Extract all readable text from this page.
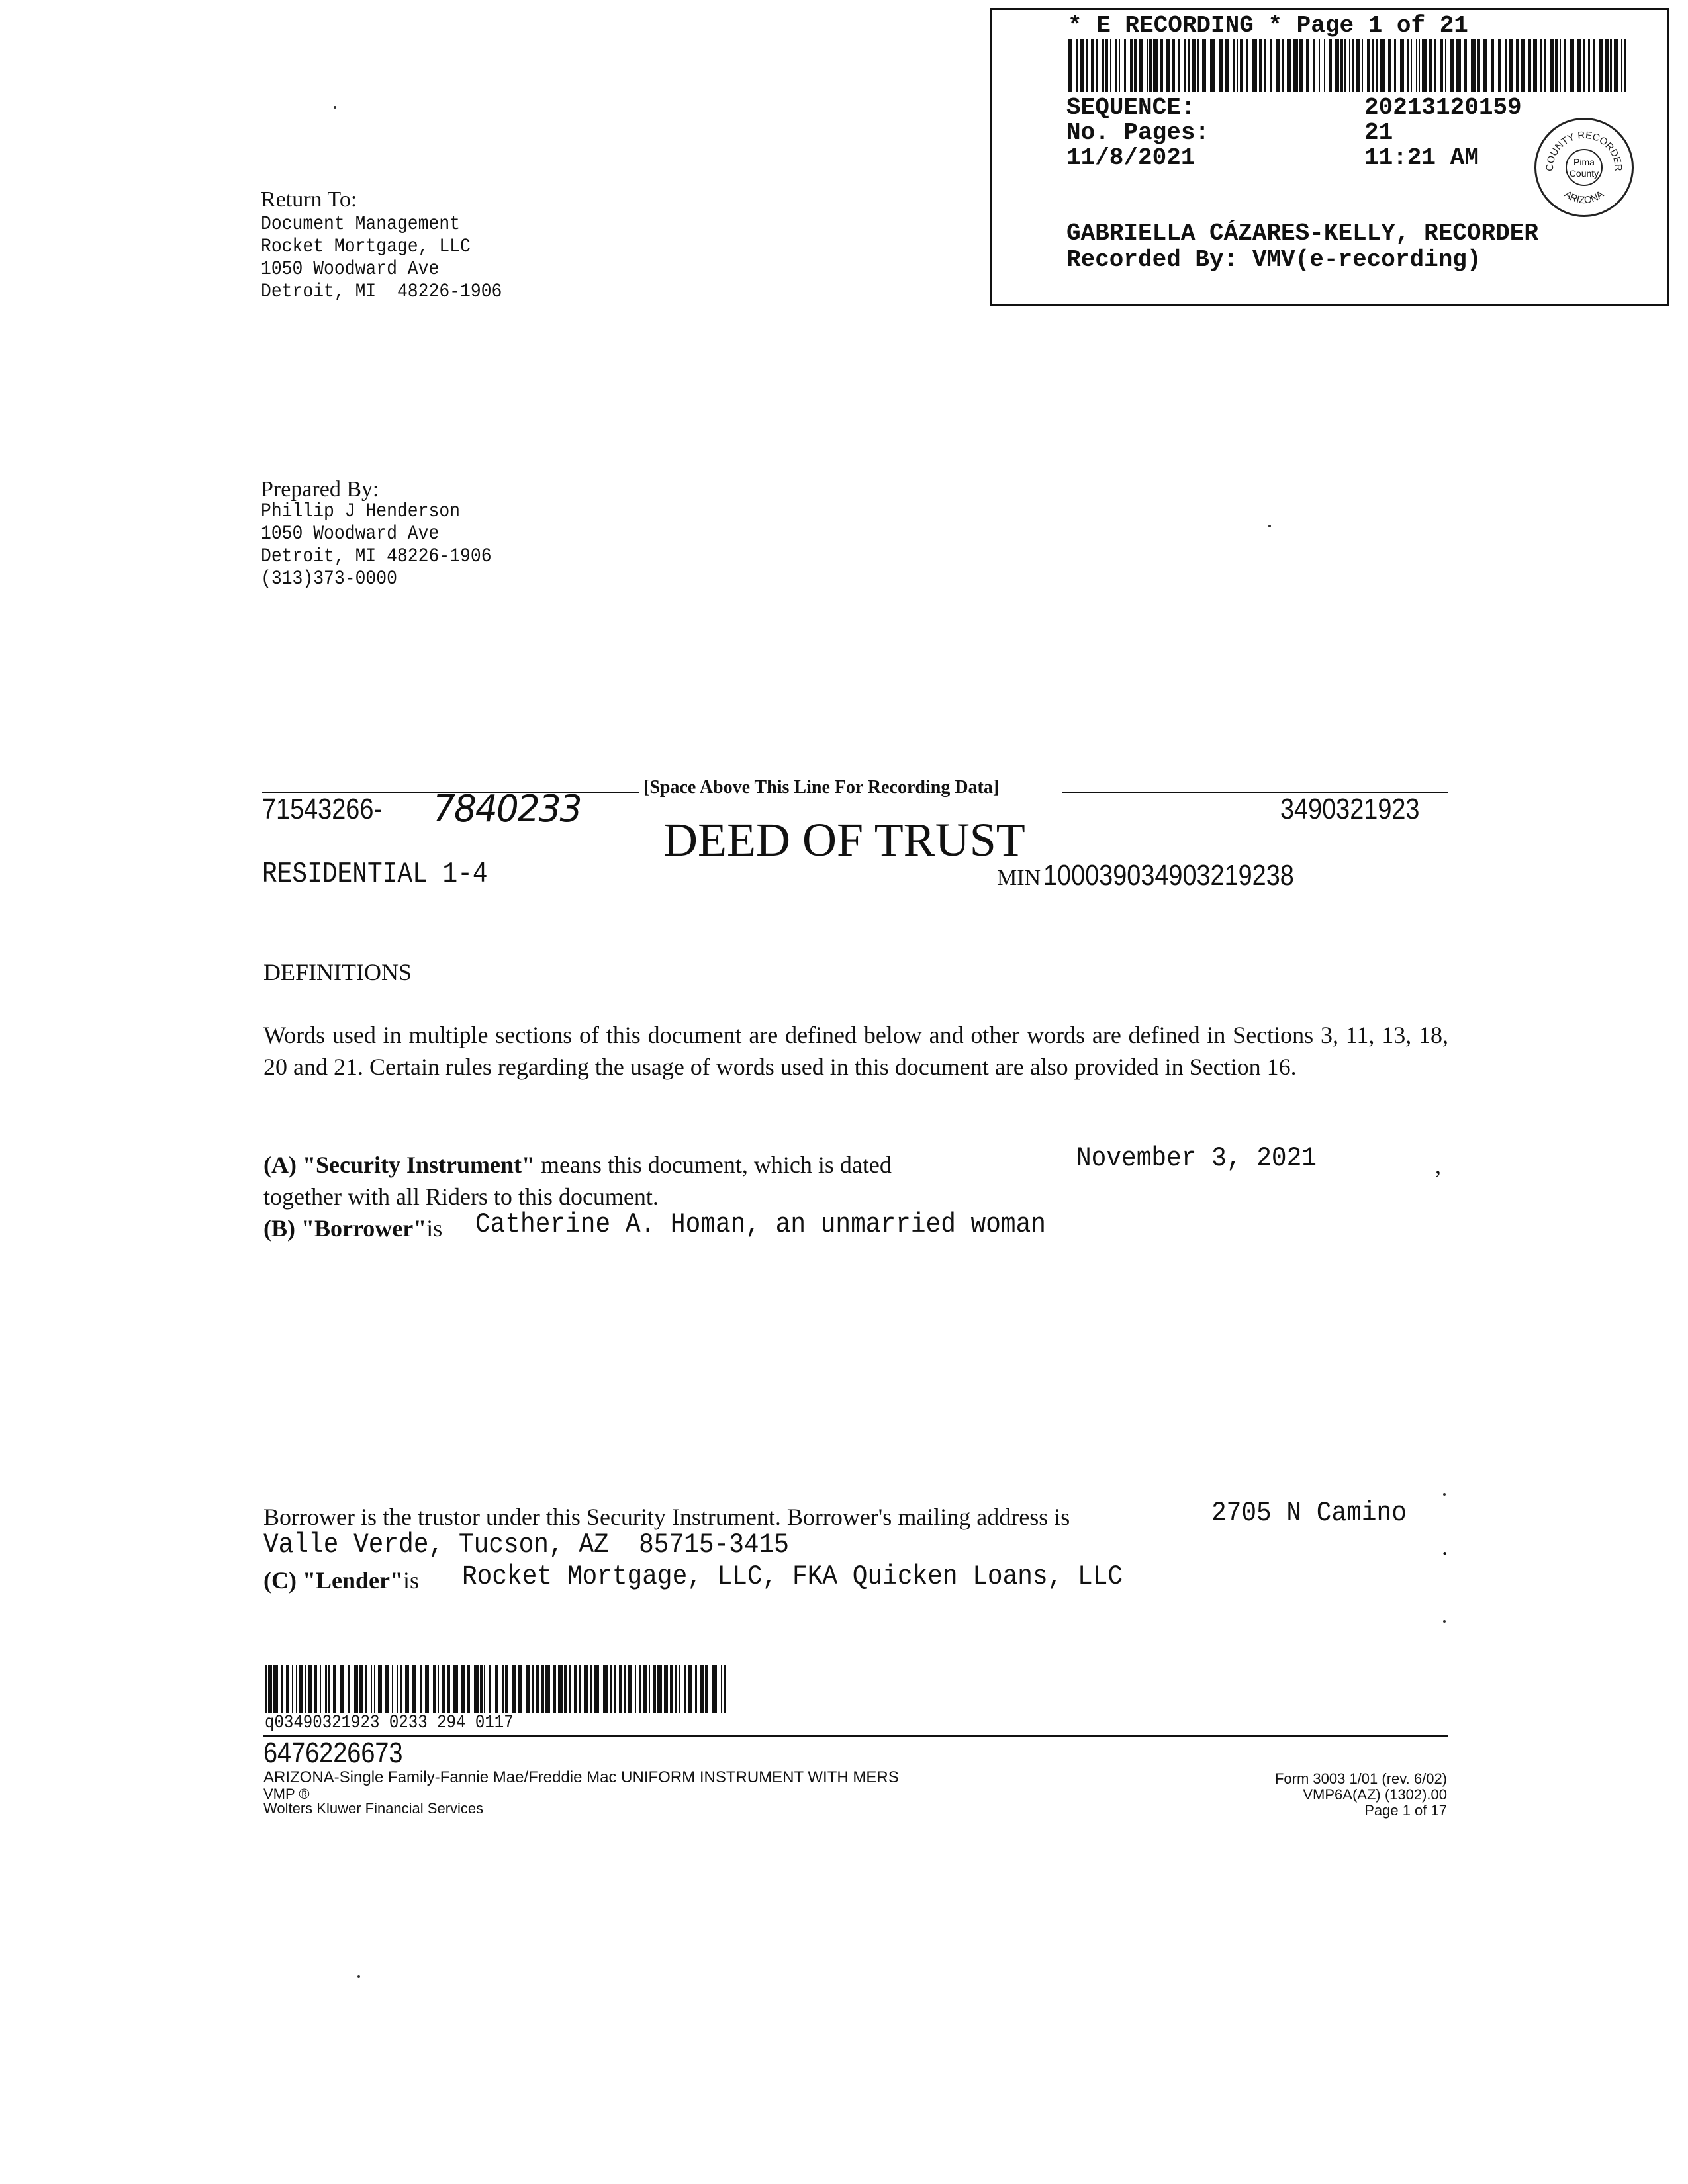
* E RECORDING * Page 1 of 21
SEQUENCE:	20213120159
No. Pages:	21
11/8/2021	11:21 AM
GABRIELLA CÁZARES-KELLY, RECORDER
Recorded By: VMV(e-recording)
COUNTY RECORDER
ARIZONA
Pima County
Return To:
Document Management
Rocket Mortgage, LLC
1050 Woodward Ave
Detroit, MI  48226-1906
Prepared By:
Phillip J Henderson
1050 Woodward Ave
Detroit, MI 48226-1906
(313)373-0000
[Space Above This Line For Recording Data]
71543266- 7840233	3490321923
DEED OF TRUST
RESIDENTIAL 1-4	MIN 100039034903219238
DEFINITIONS
Words used in multiple sections of this document are defined below and other words are defined in Sections 3, 11, 13, 18, 20 and 21. Certain rules regarding the usage of words used in this document are also provided in Section 16.
(A) "Security Instrument" means this document, which is dated	November 3, 2021	,
together with all Riders to this document.
(B) "Borrower"is Catherine A. Homan, an unmarried woman
Borrower is the trustor under this Security Instrument. Borrower's mailing address is	2705 N Camino
Valle Verde, Tucson, AZ  85715-3415	.
(C) "Lender"is Rocket Mortgage, LLC, FKA Quicken Loans, LLC
q03490321923 0233 294 0117
6476226673
ARIZONA-Single Family-Fannie Mae/Freddie Mac UNIFORM INSTRUMENT WITH MERS
VMP ®
Wolters Kluwer Financial Services
Form 3003 1/01 (rev. 6/02)
VMP6A(AZ) (1302).00
Page 1 of 17
